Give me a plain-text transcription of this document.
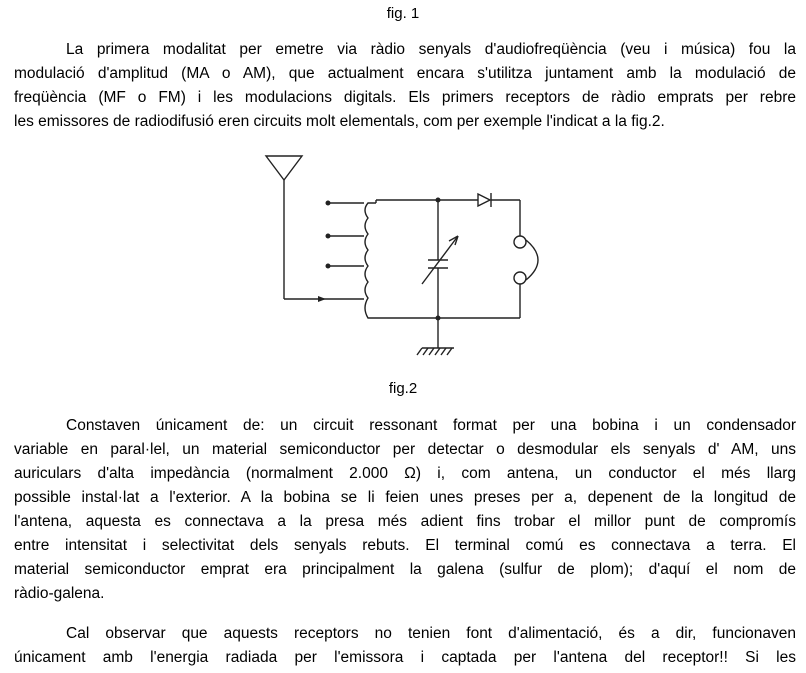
fig. 1
La primera modalitat per emetre via ràdio senyals d'audiofreqüència (veu i música) fou la
modulació d'amplitud (MA o AM), que actualment encara s'utilitza juntament amb la modulació de
freqüència (MF o FM) i les modulacions digitals. Els primers receptors de ràdio emprats per rebre
les emissores de radiodifusió eren circuits molt elementals, com per exemple l'indicat a la fig.2.
fig.2
Constaven únicament de: un circuit ressonant format per una bobina i un condensador
variable en paral·lel, un material semiconductor per detectar o desmodular els senyals d' AM, uns
auriculars d'alta impedància (normalment 2.000 Ω) i, com antena, un conductor el més llarg
possible instal·lat a l'exterior. A la bobina se li feien unes preses per a, depenent de la longitud de
l'antena, aquesta es connectava a la presa més adient fins trobar el millor punt de compromís
entre intensitat i selectivitat dels senyals rebuts. El terminal comú es connectava a terra. El
material semiconductor emprat era principalment la galena (sulfur de plom); d'aquí el nom de
ràdio-galena.
Cal observar que aquests receptors no tenien font d'alimentació, és a dir, funcionaven
únicament amb l'energia radiada per l'emissora i captada per l'antena del receptor!! Si les
